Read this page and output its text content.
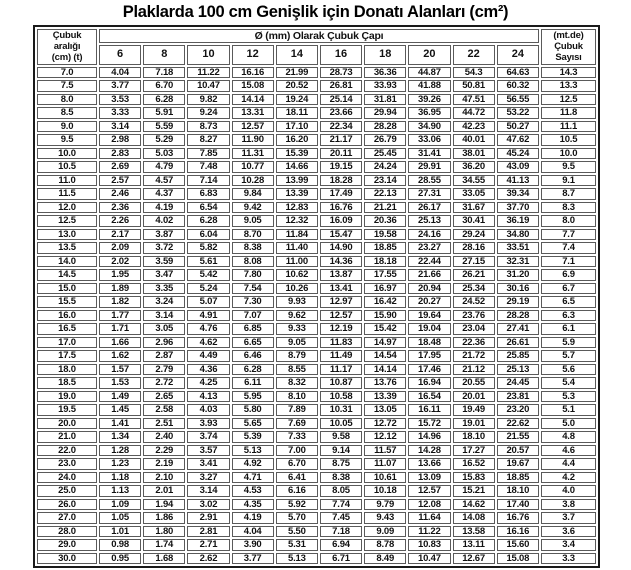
Plaklarda 100 cm Genişlik için Donatı Alanları (cm²)
Çubuk
aralığı
(cm) (t)	Ø (mm) Olarak Çubuk Çapı										(mt.de)
Çubuk
Sayısı
	6	8	10	12	14	16	18	20	22	24	
7.0	4.04	7.18	11.22	16.16	21.99	28.73	36.36	44.87	54.3	64.63	14.3
7.5	3.77	6.70	10.47	15.08	20.52	26.81	33.93	41.88	50.81	60.32	13.3
8.0	3.53	6.28	9.82	14.14	19.24	25.14	31.81	39.26	47.51	56.55	12.5
8.5	3.33	5.91	9.24	13.31	18.11	23.66	29.94	36.95	44.72	53.22	11.8
9.0	3.14	5.59	8.73	12.57	17.10	22.34	28.28	34.90	42.23	50.27	11.1
9.5	2.98	5.29	8.27	11.90	16.20	21.17	26.79	33.06	40.01	47.62	10.5
10.0	2.83	5.03	7.85	11.31	15.39	20.11	25.45	31.41	38.01	45.24	10.0
10.5	2.69	4.79	7.48	10.77	14.66	19.15	24.24	29.91	36.20	43.09	9.5
11.0	2.57	4.57	7.14	10.28	13.99	18.28	23.14	28.55	34.55	41.13	9.1
11.5	2.46	4.37	6.83	9.84	13.39	17.49	22.13	27.31	33.05	39.34	8.7
12.0	2.36	4.19	6.54	9.42	12.83	16.76	21.21	26.17	31.67	37.70	8.3
12.5	2.26	4.02	6.28	9.05	12.32	16.09	20.36	25.13	30.41	36.19	8.0
13.0	2.17	3.87	6.04	8.70	11.84	15.47	19.58	24.16	29.24	34.80	7.7
13.5	2.09	3.72	5.82	8.38	11.40	14.90	18.85	23.27	28.16	33.51	7.4
14.0	2.02	3.59	5.61	8.08	11.00	14.36	18.18	22.44	27.15	32.31	7.1
14.5	1.95	3.47	5.42	7.80	10.62	13.87	17.55	21.66	26.21	31.20	6.9
15.0	1.89	3.35	5.24	7.54	10.26	13.41	16.97	20.94	25.34	30.16	6.7
15.5	1.82	3.24	5.07	7.30	9.93	12.97	16.42	20.27	24.52	29.19	6.5
16.0	1.77	3.14	4.91	7.07	9.62	12.57	15.90	19.64	23.76	28.28	6.3
16.5	1.71	3.05	4.76	6.85	9.33	12.19	15.42	19.04	23.04	27.41	6.1
17.0	1.66	2.96	4.62	6.65	9.05	11.83	14.97	18.48	22.36	26.61	5.9
17.5	1.62	2.87	4.49	6.46	8.79	11.49	14.54	17.95	21.72	25.85	5.7
18.0	1.57	2.79	4.36	6.28	8.55	11.17	14.14	17.46	21.12	25.13	5.6
18.5	1.53	2.72	4.25	6.11	8.32	10.87	13.76	16.94	20.55	24.45	5.4
19.0	1.49	2.65	4.13	5.95	8.10	10.58	13.39	16.54	20.01	23.81	5.3
19.5	1.45	2.58	4.03	5.80	7.89	10.31	13.05	16.11	19.49	23.20	5.1
20.0	1.41	2.51	3.93	5.65	7.69	10.05	12.72	15.72	19.01	22.62	5.0
21.0	1.34	2.40	3.74	5.39	7.33	9.58	12.12	14.96	18.10	21.55	4.8
22.0	1.28	2.29	3.57	5.13	7.00	9.14	11.57	14.28	17.27	20.57	4.6
23.0	1.23	2.19	3.41	4.92	6.70	8.75	11.07	13.66	16.52	19.67	4.4
24.0	1.18	2.10	3.27	4.71	6.41	8.38	10.61	13.09	15.83	18.85	4.2
25.0	1.13	2.01	3.14	4.53	6.16	8.05	10.18	12.57	15.21	18.10	4.0
26.0	1.09	1.94	3.02	4.35	5.92	7.74	9.79	12.08	14.62	17.40	3.8
27.0	1.05	1.86	2.91	4.19	5.70	7.45	9.43	11.64	14.08	16.76	3.7
28.0	1.01	1.80	2.81	4.04	5.50	7.18	9.09	11.22	13.58	16.16	3.6
29.0	0.98	1.74	2.71	3.90	5.31	6.94	8.78	10.83	13.11	15.60	3.4
30.0	0.95	1.68	2.62	3.77	5.13	6.71	8.49	10.47	12.67	15.08	3.3
